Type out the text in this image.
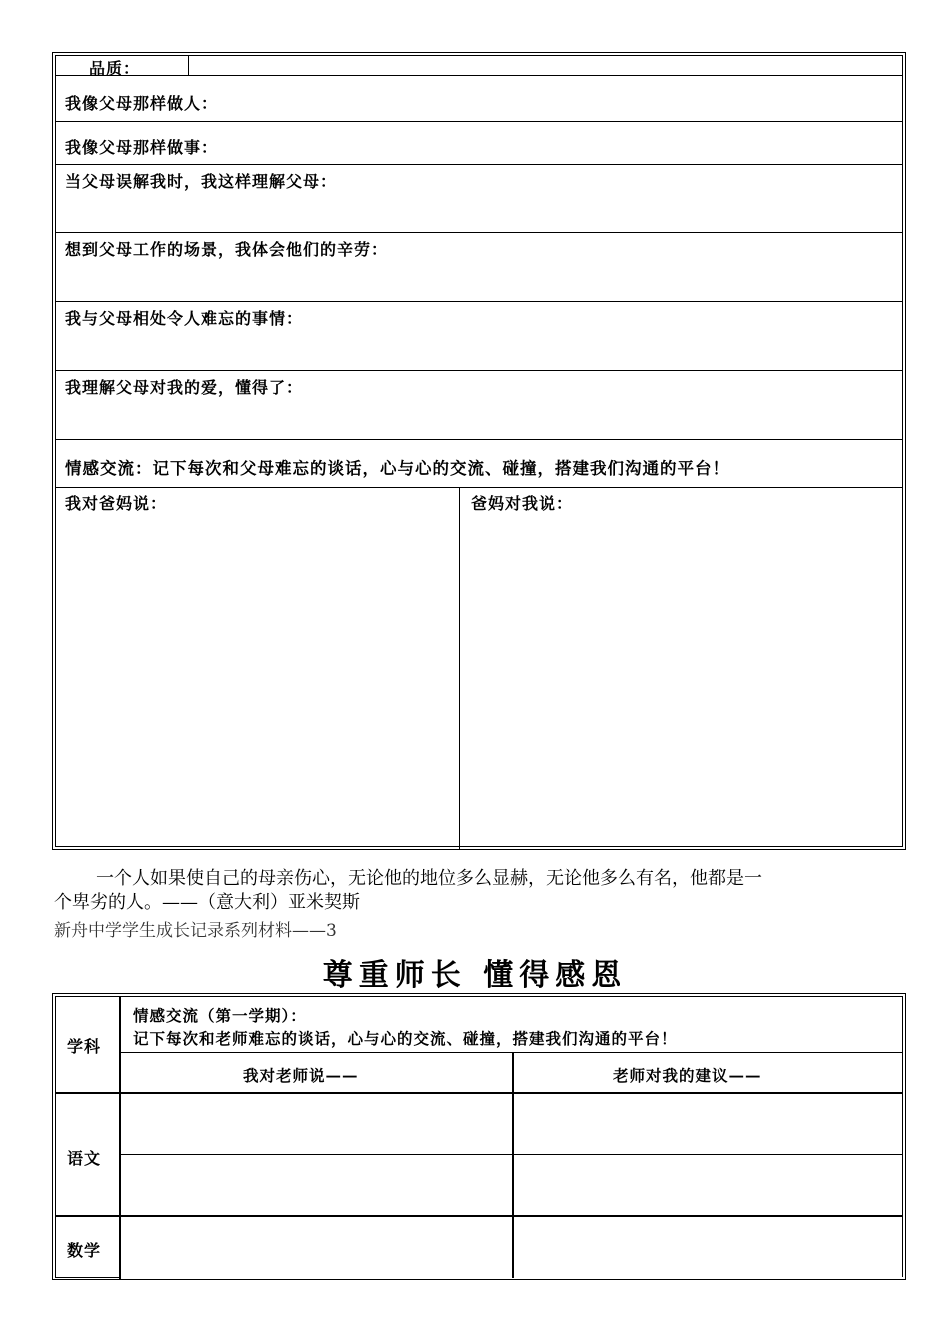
品质：
我像父母那样做人：
我像父母那样做事：
当父母误解我时，我这样理解父母：
想到父母工作的场景，我体会他们的辛劳：
我与父母相处令人难忘的事情：
我理解父母对我的爱，懂得了：
情感交流：记下每次和父母难忘的谈话，心与心的交流、碰撞，搭建我们沟通的平台！
我对爸妈说：	爸妈对我说：
一个人如果使自己的母亲伤心，无论他的地位多么显赫，无论他多么有名，他都是一
个卑劣的人。——（意大利）亚米契斯
新舟中学学生成长记录系列材料——3
尊重师长 懂得感恩
学科
情感交流（第一学期）：
记下每次和老师难忘的谈话，心与心的交流、碰撞，搭建我们沟通的平台！
我对老师说——	老师对我的建议——
语文
数学
